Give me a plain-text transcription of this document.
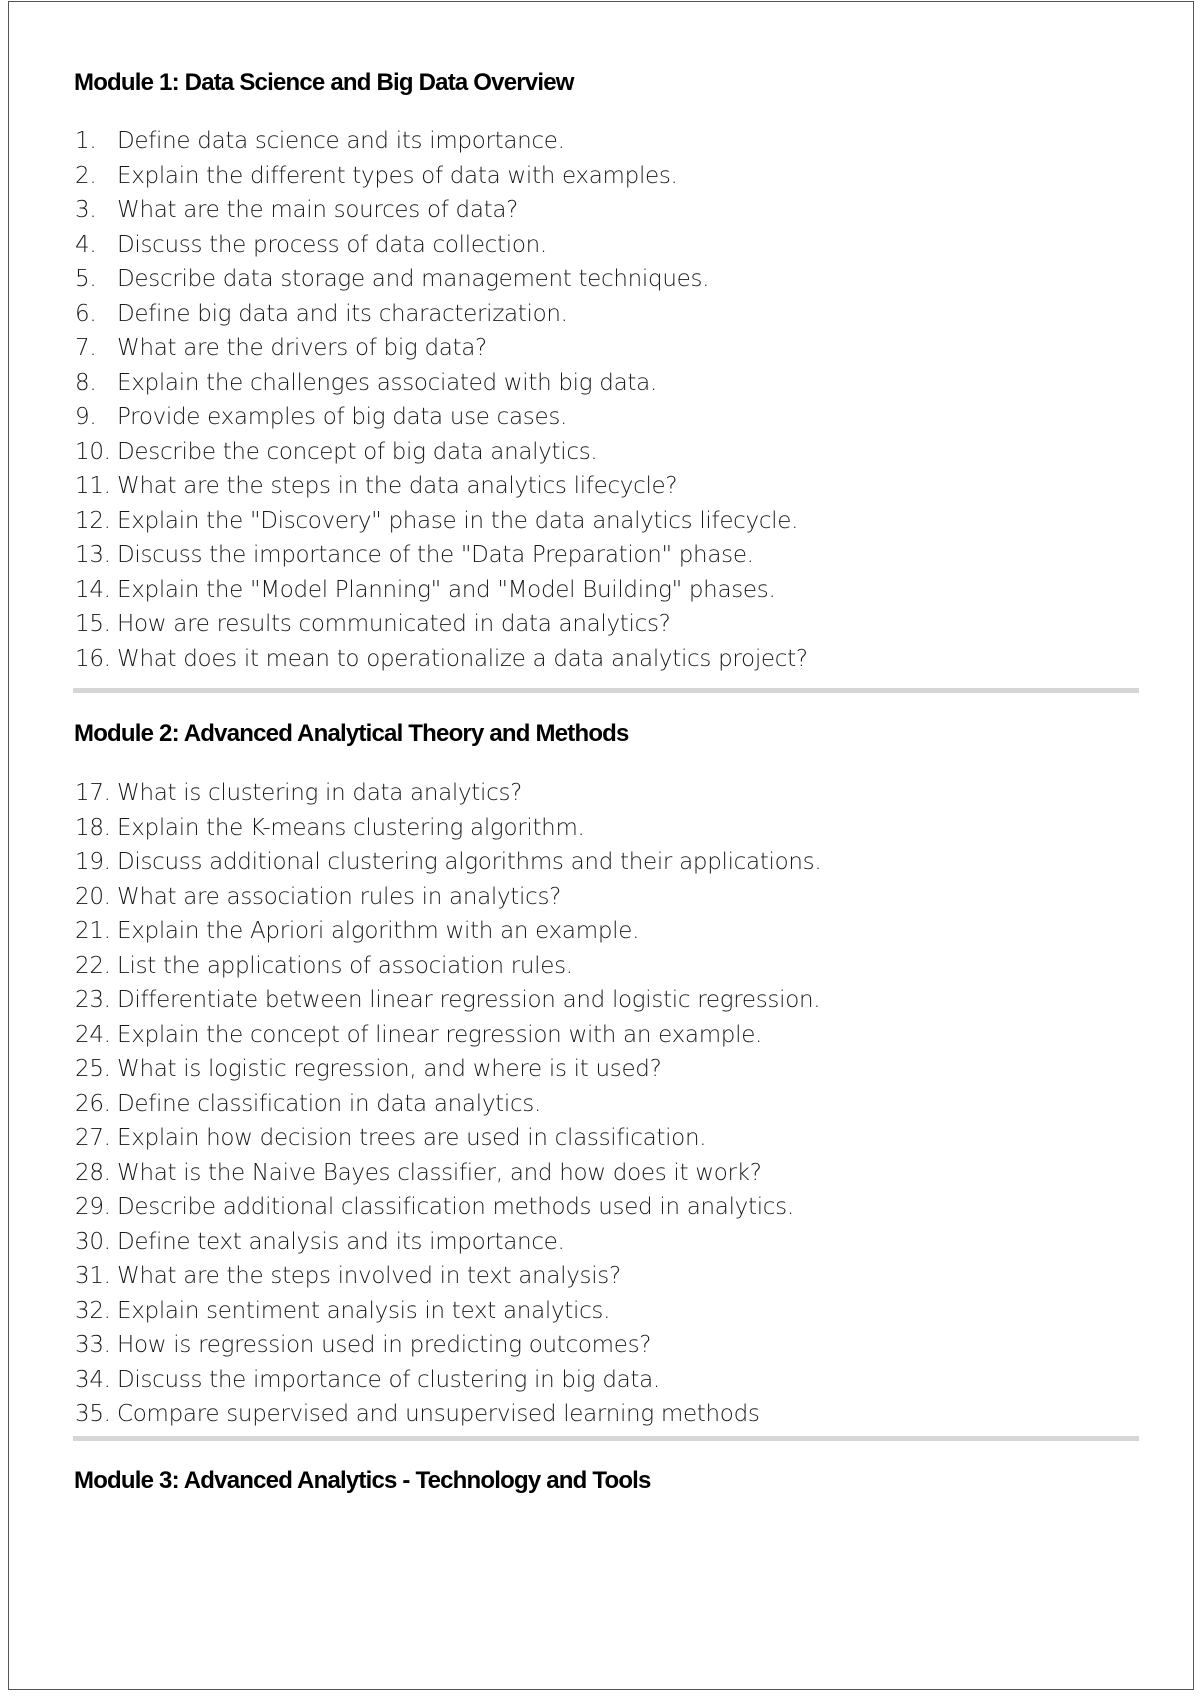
Module 1: Data Science and Big Data Overview
1. Define data science and its importance.
2. Explain the different types of data with examples.
3. What are the main sources of data?
4. Discuss the process of data collection.
5. Describe data storage and management techniques.
6. Define big data and its characterization.
7. What are the drivers of big data?
8. Explain the challenges associated with big data.
9. Provide examples of big data use cases.
10. Describe the concept of big data analytics.
11. What are the steps in the data analytics lifecycle?
12. Explain the "Discovery" phase in the data analytics lifecycle.
13. Discuss the importance of the "Data Preparation" phase.
14. Explain the "Model Planning" and "Model Building" phases.
15. How are results communicated in data analytics?
16. What does it mean to operationalize a data analytics project?
Module 2: Advanced Analytical Theory and Methods
17. What is clustering in data analytics?
18. Explain the K-means clustering algorithm.
19. Discuss additional clustering algorithms and their applications.
20. What are association rules in analytics?
21. Explain the Apriori algorithm with an example.
22. List the applications of association rules.
23. Differentiate between linear regression and logistic regression.
24. Explain the concept of linear regression with an example.
25. What is logistic regression, and where is it used?
26. Define classification in data analytics.
27. Explain how decision trees are used in classification.
28. What is the Naive Bayes classifier, and how does it work?
29. Describe additional classification methods used in analytics.
30. Define text analysis and its importance.
31. What are the steps involved in text analysis?
32. Explain sentiment analysis in text analytics.
33. How is regression used in predicting outcomes?
34. Discuss the importance of clustering in big data.
35. Compare supervised and unsupervised learning methods
Module 3: Advanced Analytics - Technology and Tools
